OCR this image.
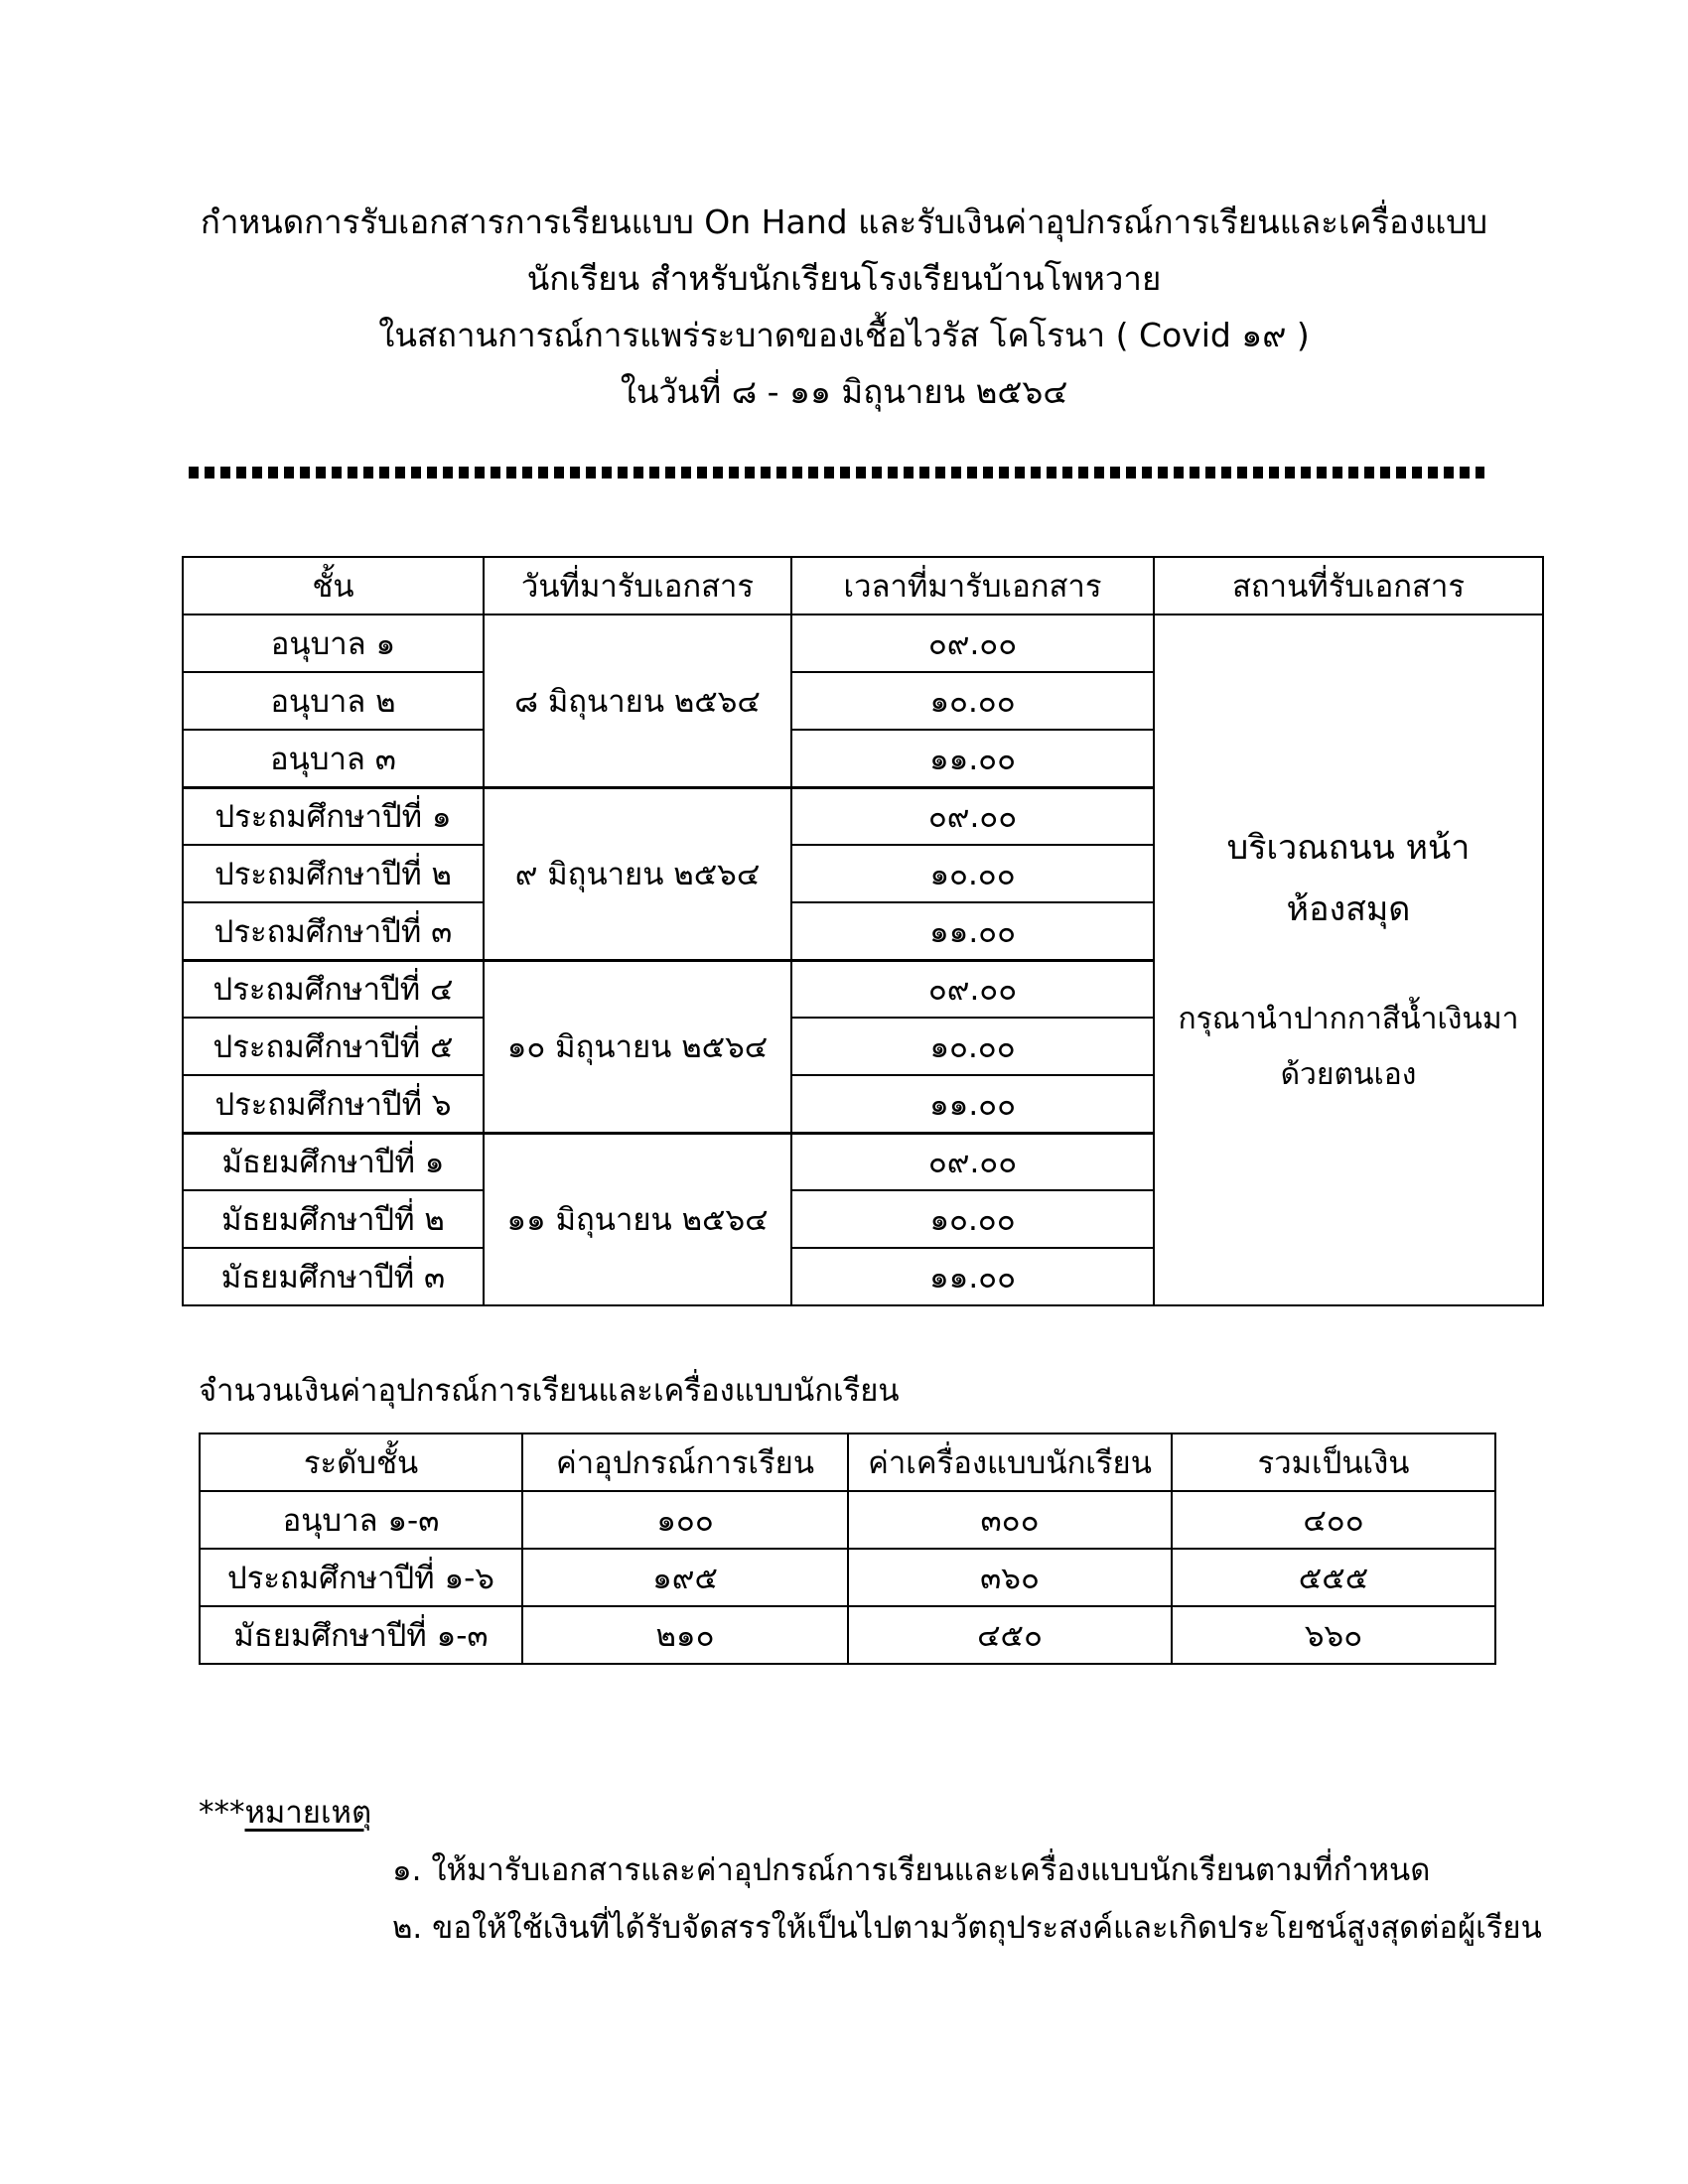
กำหนดการรับเอกสารการเรียนแบบ On Hand และรับเงินค่าอุปกรณ์การเรียนและเครื่องแบบ
นักเรียน สำหรับนักเรียนโรงเรียนบ้านโพหวาย
ในสถานการณ์การแพร่ระบาดของเชื้อไวรัส โคโรนา ( Covid ๑๙ )
ในวันที่ ๘ - ๑๑ มิถุนายน ๒๕๖๔
ชั้น	วันที่มารับเอกสาร	เวลาที่มารับเอกสาร	สถานที่รับเอกสาร
อนุบาล ๑	๘ มิถุนายน ๒๕๖๔	๐๙.๐๐	บริเวณถนน หน้า
ห้องสมุด
กรุณานำปากกาสีน้ำเงินมา
ด้วยตนเอง

อนุบาล ๒		๑๐.๐๐	
อนุบาล ๓		๑๑.๐๐	
ประถมศึกษาปีที่ ๑	๙ มิถุนายน ๒๕๖๔	๐๙.๐๐	
ประถมศึกษาปีที่ ๒		๑๐.๐๐	
ประถมศึกษาปีที่ ๓		๑๑.๐๐	
ประถมศึกษาปีที่ ๔	๑๐ มิถุนายน ๒๕๖๔	๐๙.๐๐	
ประถมศึกษาปีที่ ๕		๑๐.๐๐	
ประถมศึกษาปีที่ ๖		๑๑.๐๐	
มัธยมศึกษาปีที่ ๑	๑๑ มิถุนายน ๒๕๖๔	๐๙.๐๐	
มัธยมศึกษาปีที่ ๒		๑๐.๐๐	
มัธยมศึกษาปีที่ ๓		๑๑.๐๐	
จำนวนเงินค่าอุปกรณ์การเรียนและเครื่องแบบนักเรียน
ระดับชั้น	ค่าอุปกรณ์การเรียน	ค่าเครื่องแบบนักเรียน	รวมเป็นเงิน
อนุบาล ๑-๓	๑๐๐	๓๐๐	๔๐๐
ประถมศึกษาปีที่ ๑-๖	๑๙๕	๓๖๐	๕๕๕
มัธยมศึกษาปีที่ ๑-๓	๒๑๐	๔๕๐	๖๖๐
***หมายเหตุ
๑. ให้มารับเอกสารและค่าอุปกรณ์การเรียนและเครื่องแบบนักเรียนตามที่กำหนด
๒. ขอให้ใช้เงินที่ได้รับจัดสรรให้เป็นไปตามวัตถุประสงค์และเกิดประโยชน์สูงสุดต่อผู้เรียน
